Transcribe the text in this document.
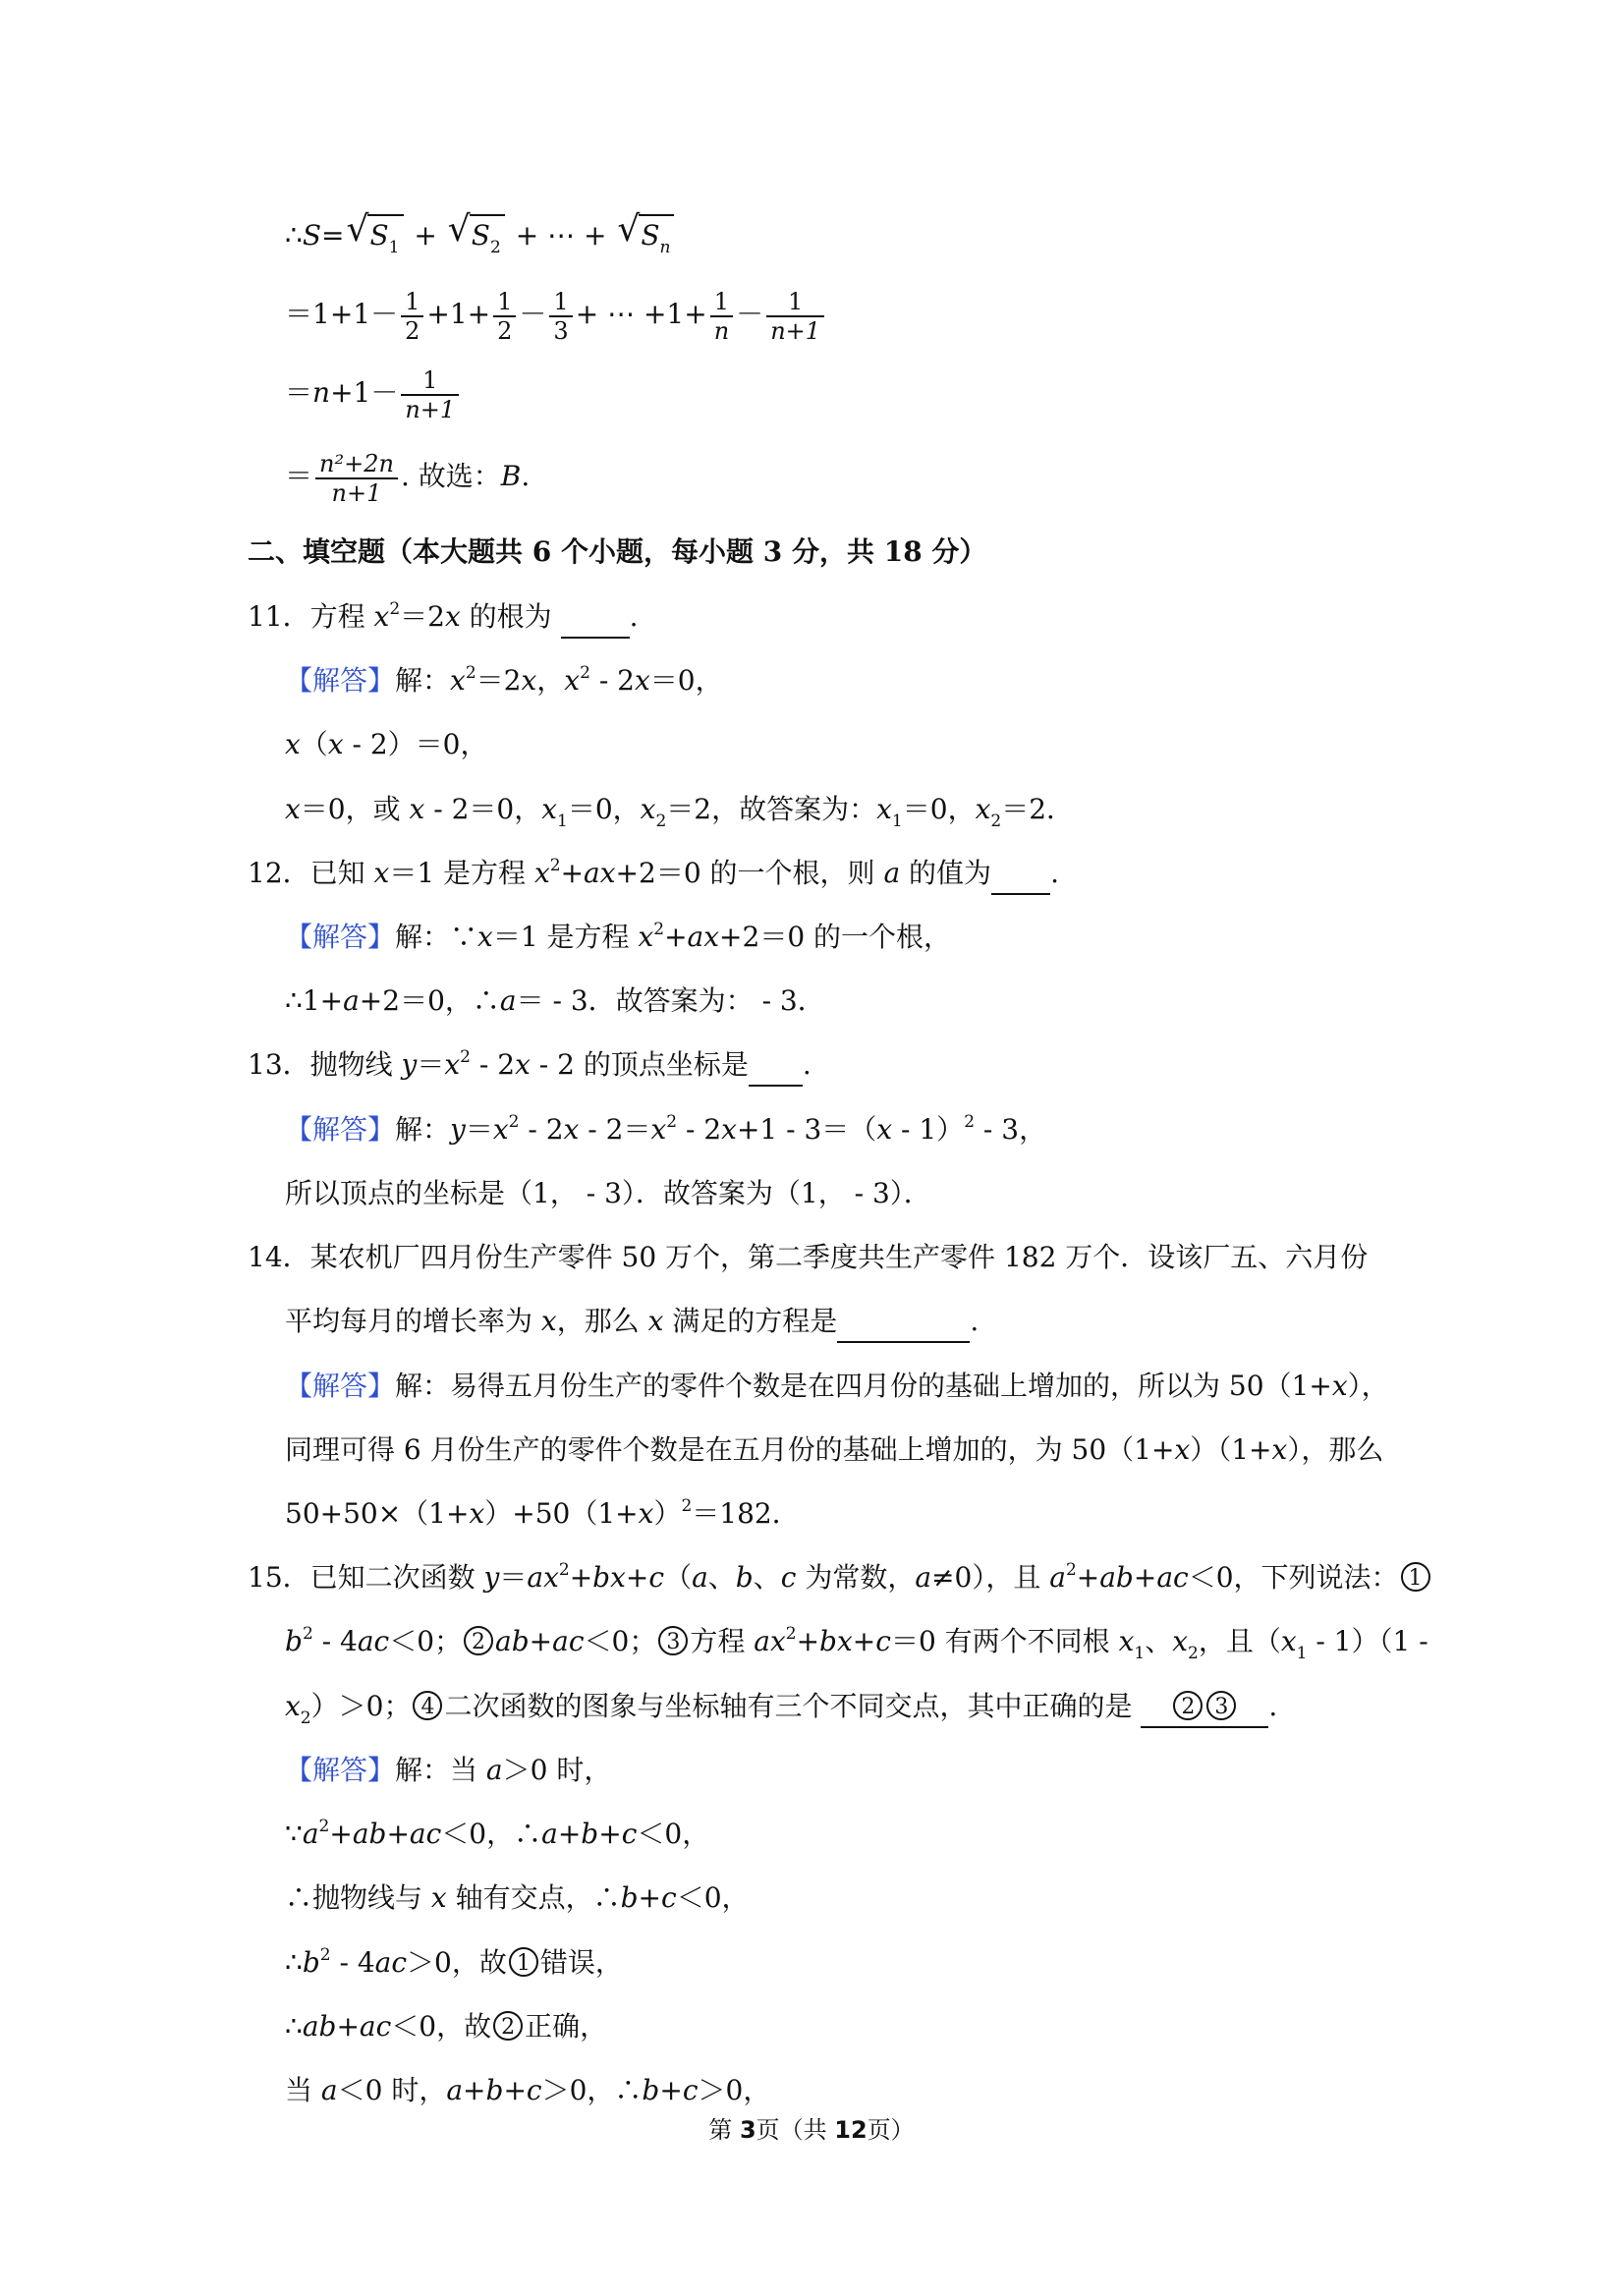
∴S= √ $S_1$ + √ $S_2$ + ⋯ + √ $S_n$
$=1+1- \frac{1}{2} +1+ \frac{1}{2} - \frac{1}{3}$ + ⋯ $+1+ \frac{1}{n} - \frac{1}{n+1}$
$=n+1- \frac{1}{n+1}$
＝ $\frac{\text{n²+2n}}{n+1}$ . 故选：B.
二、填空题（本大题共 6 个小题，每小题 3 分，共 18 分）
11．方程 $x^2=2x$ 的根为	.
【解答】解：$x^2=2x$，$x^2 - 2x=0$，
x（x - 2）＝0，
x＝0，或 x - 2＝0，$x_1=0$，$x_2=2$，故答案为：$x_1=0$，$x_2=2$．
12．已知 x＝1 是方程 $x^2+ax+2=0$ 的一个根，则 a 的值为 .
【解答】解：∵x＝1 是方程 $x^2+ax+2=0$ 的一个根，
∴1+a+2＝0，∴a＝ - 3．故答案为： - 3．
13．抛物线 $y=x^2 - 2x - 2$ 的顶点坐标是 .
【解答】解：$y=x^2 - 2x - 2=x^2 - 2x+1 - 3=(x - 1)^2 - 3$，
所以顶点的坐标是（1， - 3）．故答案为（1， - 3）．
14．某农机厂四月份生产零件 50 万个，第二季度共生产零件 182 万个．设该厂五、六月份
平均每月的增长率为 x，那么 x 满足的方程是	.
【解答】解：易得五月份生产的零件个数是在四月份的基础上增加的，所以为 50（1+x），
同理可得 6 月份生产的零件个数是在五月份的基础上增加的，为 50（1+x）（1+x），那么
$50+50\times(1+x)+50(1+x)^2=182$．
15．已知二次函数 $y=ax^2+bx+c(a$、b、c 为常数，a≠0），且 $a^2+ab+ac<0$，下列说法： 1
$b^2 - 4ac<0$； 2 ab+ac＜0； 3 方程 $ax^2+bx+c=0$ 有两个不同根 $x_1$、$x_2$，且$(x_1 - 1)(1$ -
$x_2)>0$； 4 二次函数的图象与坐标轴有三个不同交点，其中正确的是 2 3 .
【解答】解：当 a＞0 时，
$\because a^2+ab+ac<0$，∴a+b+c＜0，
∴抛物线与 x 轴有交点，∴b+c＜0，
$\therefore b^2 - 4ac>0$，故 1 错误，
∴ab+ac＜0，故 2 正确，
当 a＜0 时，a+b+c＞0，∴b+c＞0，
第 3页（共 12页）
